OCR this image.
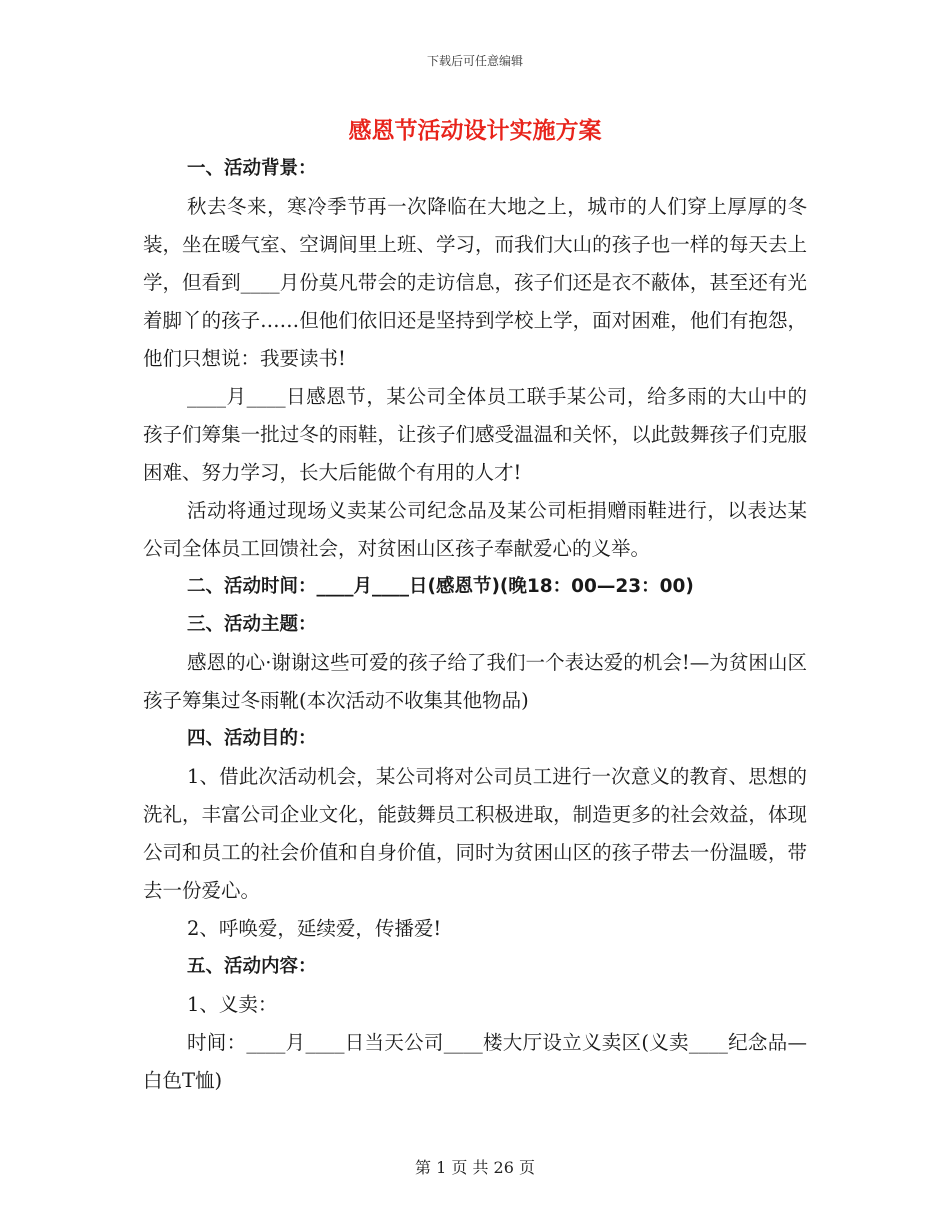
下载后可任意编辑
感恩节活动设计实施方案
一、活动背景：

秋去冬来，寒冷季节再一次降临在大地之上，城市的人们穿上厚厚的冬装，坐在暖气室、空调间里上班、学习，而我们大山的孩子也一样的每天去上学，但看到____月份莫凡带会的走访信息，孩子们还是衣不蔽体，甚至还有光着脚丫的孩子……但他们依旧还是坚持到学校上学，面对困难，他们有抱怨，他们只想说：我要读书!

____月____日感恩节，某公司全体员工联手某公司，给多雨的大山中的孩子们筹集一批过冬的雨鞋，让孩子们感受温温和关怀，以此鼓舞孩子们克服困难、努力学习，长大后能做个有用的人才!

活动将通过现场义卖某公司纪念品及某公司柜捐赠雨鞋进行，以表达某公司全体员工回馈社会，对贫困山区孩子奉献爱心的义举。

二、活动时间：____月____日(感恩节)(晚18：00—23：00)
三、活动主题：

感恩的心·谢谢这些可爱的孩子给了我们一个表达爱的机会!—为贫困山区孩子筹集过冬雨靴(本次活动不收集其他物品)

四、活动目的：

1、借此次活动机会，某公司将对公司员工进行一次意义的教育、思想的洗礼，丰富公司企业文化，能鼓舞员工积极进取，制造更多的社会效益，体现公司和员工的社会价值和自身价值，同时为贫困山区的孩子带去一份温暖，带去一份爱心。

2、呼唤爱，延续爱，传播爱!

五、活动内容：

1、义卖：

时间：____月____日当天公司____楼大厅设立义卖区(义卖____纪念品—白色T恤)

第 1 页 共 26 页
